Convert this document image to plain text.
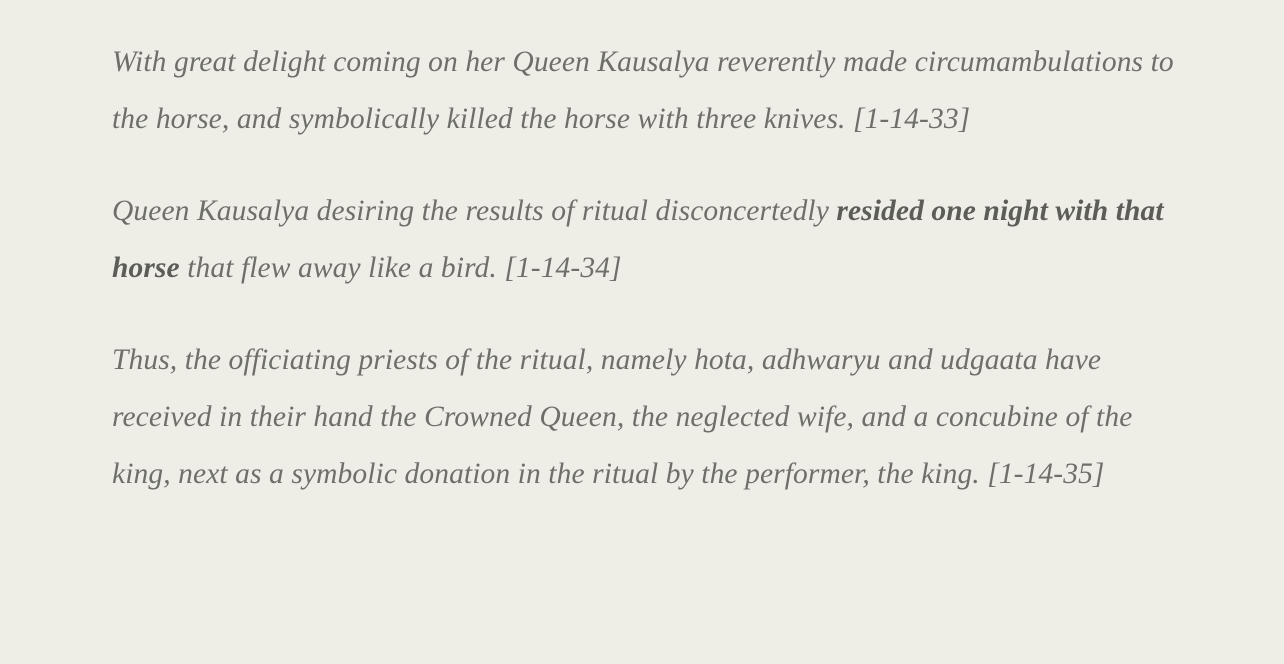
With great delight coming on her Queen Kausalya reverently made circumambulations to the horse, and symbolically killed the horse with three knives. [1-14-33]

Queen Kausalya desiring the results of ritual disconcertedly resided one night with that horse that flew away like a bird. [1-14-34]

Thus, the officiating priests of the ritual, namely hota, adhwaryu and udgaata have received in their hand the Crowned Queen, the neglected wife, and a concubine of the king, next as a symbolic donation in the ritual by the performer, the king. [1-14-35]
